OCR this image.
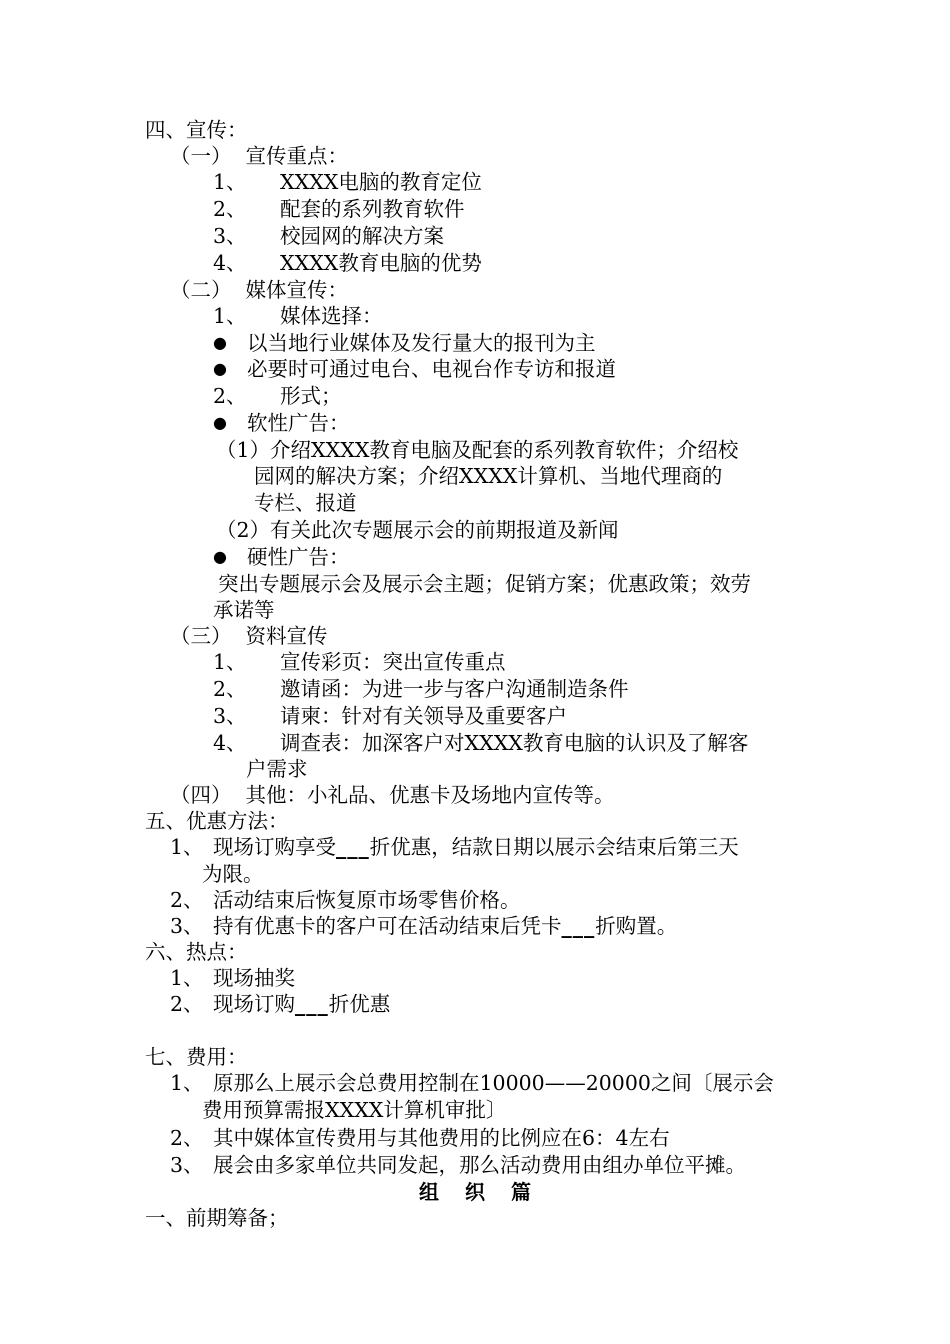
四、宣传：
（一） 宣传重点：
1、 XXXX电脑的教育定位
2、 配套的系列教育软件
3、 校园网的解决方案
4、 XXXX教育电脑的优势
（二） 媒体宣传：
1、 媒体选择：
● 以当地行业媒体及发行量大的报刊为主
● 必要时可通过电台、电视台作专访和报道
2、 形式；
● 软性广告：
（1）介绍XXXX教育电脑及配套的系列教育软件；介绍校
园网的解决方案；介绍XXXX计算机、当地代理商的
专栏、报道
（2）有关此次专题展示会的前期报道及新闻
● 硬性广告：
突出专题展示会及展示会主题；促销方案；优惠政策；效劳
承诺等
（三） 资料宣传
1、 宣传彩页：突出宣传重点
2、 邀请函：为进一步与客户沟通制造条件
3、 请柬：针对有关领导及重要客户
4、 调查表：加深客户对XXXX教育电脑的认识及了解客
户需求
（四） 其他：小礼品、优惠卡及场地内宣传等。
五、优惠方法：
1、 现场订购享受___折优惠，结款日期以展示会结束后第三天
为限。
2、 活动结束后恢复原市场零售价格。
3、 持有优惠卡的客户可在活动结束后凭卡___折购置。
六、热点：
1、 现场抽奖
2、 现场订购___折优惠
七、费用：
1、 原那么上展示会总费用控制在10000——20000之间〔展示会
费用预算需报XXXX计算机审批〕
2、 其中媒体宣传费用与其他费用的比例应在6：4左右
3、 展会由多家单位共同发起，那么活动费用由组办单位平摊。
组织篇
一、前期筹备；
